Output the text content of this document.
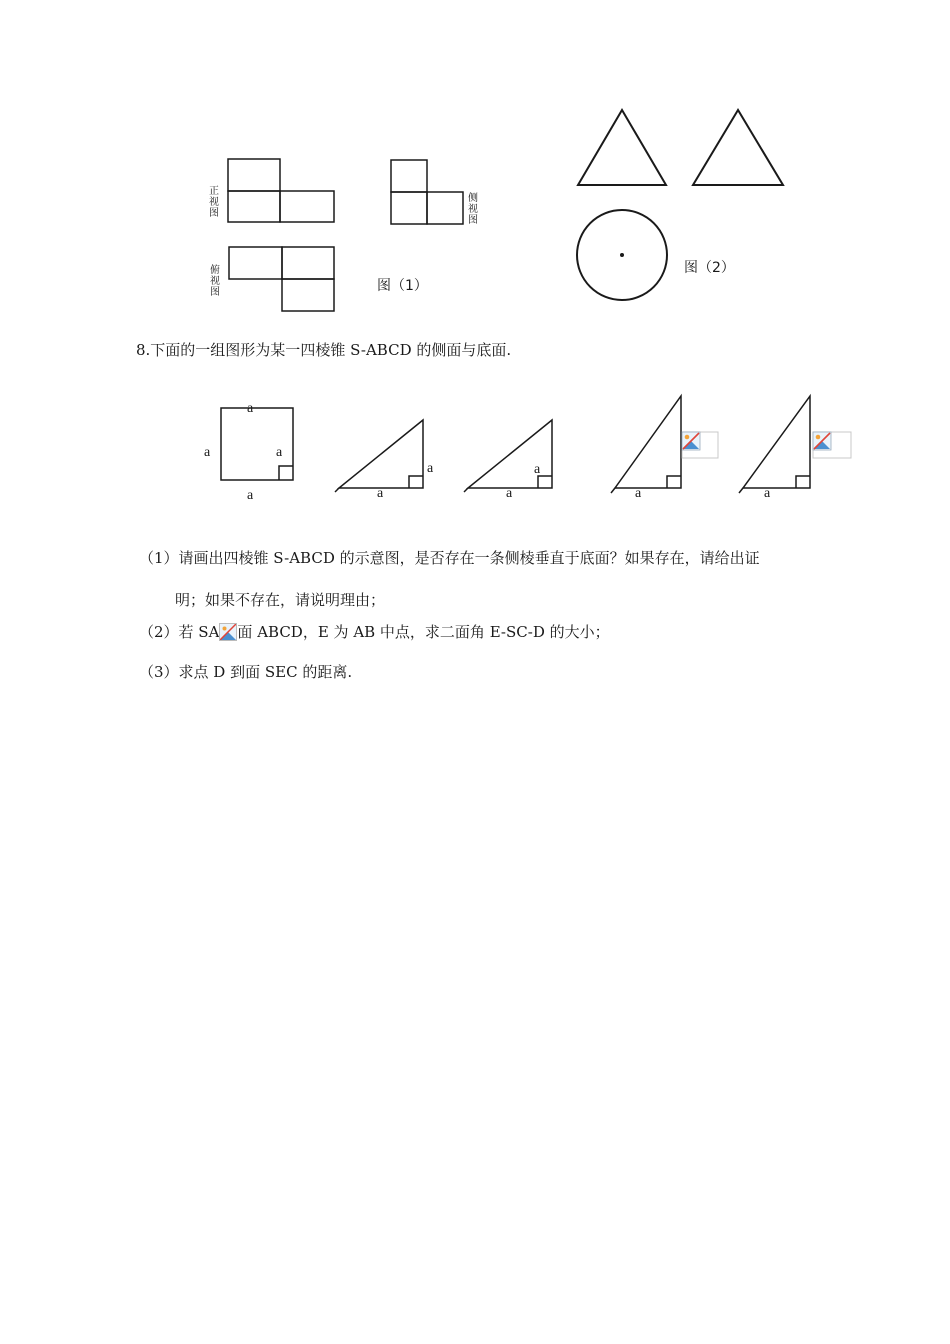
正 视 图
侧 视 图
俯 视 图	图（1）
图（2）
8.下面的一组图形为某一四棱锥 S-ABCD 的侧面与底面.
a
a	a
a
a
a
a
a	a	a
（1）请画出四棱锥 S-ABCD 的示意图，是否存在一条侧棱垂直于底面？如果存在，请给出证
明；如果不存在，请说明理由；
（2）若 SA 面 ABCD，E 为 AB 中点，求二面角 E-SC-D 的大小；
（3）求点 D 到面 SEC 的距离.
